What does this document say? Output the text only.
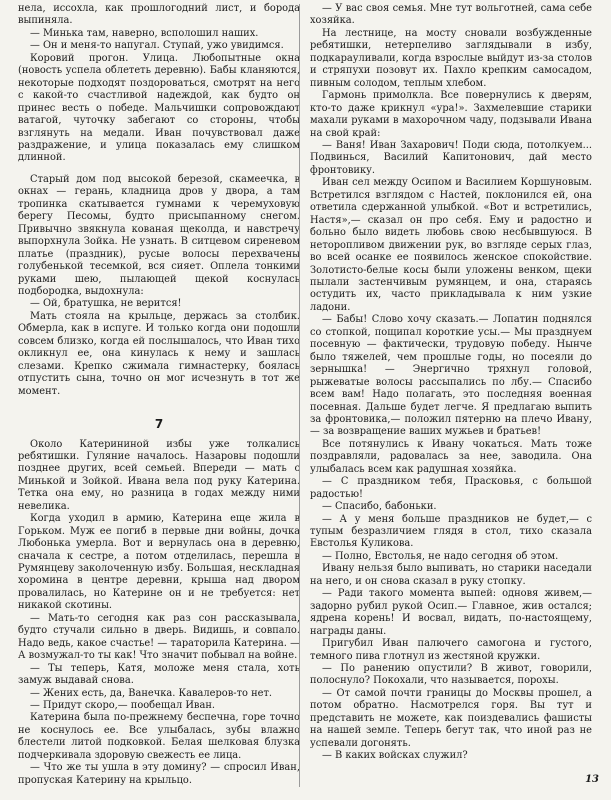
нела, иссохла, как прошлогодний лист, и борода выпиняла.

— Минька там, наверно, всполошил наших.

— Он и меня-то напугал. Ступай, ужо увидимся.

Коровий прогон. Улица. Любопытные окна (новость успела облететь деревню). Бабы кланяются, некоторые подходят поздороваться, смотрят на него с какой-то счастливой надеждой, как будто он принес весть о победе. Мальчишки сопровождают ватагой, чуточку забегают со стороны, чтобы взглянуть на медали. Иван почувствовал даже раздражение, и улица показалась ему слишком длинной.

Старый дом под высокой березой, скамеечка, в окнах — герань, кладница дров у двора, а там тропинка скатывается гумнами к черемуховую берегу Песомы, будто присыпанному снегом. Привычно звякнула кованая щеколда, и навстречу выпорхнула Зойка. Не узнать. В ситцевом сиреневом платье (праздник), русые волосы перехвачены голубенькой тесемкой, вся сияет. Оплела тонкими руками шею, пылающей щекой коснулась подбородка, выдохнула:

— Ой, братушка, не верится!

Мать стояла на крыльце, держась за столбик. Обмерла, как в испуге. И только когда они подошли совсем близко, когда ей послышалось, что Иван тихо окликнул ее, она кинулась к нему и зашлась слезами. Крепко сжимала гимнастерку, боялась отпустить сына, точно он мог исчезнуть в тот же момент.

7

Около Катерининой избы уже толкались ребятишки. Гуляние началось. Назаровы подошли позднее других, всей семьей. Впереди — мать с Минькой и Зойкой. Ивана вела под руку Катерина. Тетка она ему, но разница в годах между ними невелика.

Когда уходил в армию, Катерина еще жила в Горьком. Муж ее погиб в первые дни войны, дочка Любонька умерла. Вот и вернулась она в деревню, сначала к сестре, а потом отделилась, перешла в Румянцеву заколоченную избу. Большая, нескладная хоромина в центре деревни, крыша над двором провалилась, но Катерине он и не требуется: нет никакой скотины.

— Мать-то сегодня как раз сон рассказывала, будто стучали сильно в дверь. Видишь, и совпало. Надо ведь, какое счастье! — тараторила Катерина. — А возмужал-то ты как! Что значит побывал на войне.

— Ты теперь, Катя, моложе меня стала, хоть замуж выдавай снова.

— Жених есть, да, Ванечка. Кавалеров-то нет.

— Придут скоро,— пообещал Иван.

Катерина была по-прежнему беспечна, горе точно не коснулось ее. Все улыбалась, зубы влажно блестели литой подковкой. Белая шелковая блузка подчеркивала здоровую свежесть ее лица.

— Что же ты ушла в эту домину? — спросил Иван, пропуская Катерину на крыльцо.

— У вас своя семья. Мне тут вольготней, сама себе хозяйка.

На лестнице, на мосту сновали возбужденные ребятишки, нетерпеливо заглядывали в избу, подкарауливали, когда взрослые выйдут из-за столов и стряпухи позовут их. Пахло крепким самосадом, пивным солодом, теплым хлебом.

Гармонь примолкла. Все повернулись к дверям, кто-то даже крикнул «ура!». Захмелевшие старики махали руками в махорочном чаду, подзывали Ивана на свой край:

— Ваня! Иван Захарович! Поди сюда, потолкуем... Подвинься, Василий Капитонович, дай место фронтовику.

Иван сел между Осипом и Василием Коршуновым. Встретился взглядом с Настей, поклонился ей, она ответила сдержанной улыбкой. «Вот и встретились, Настя»,— сказал он про себя. Ему и радостно и больно было видеть любовь свою несбывшуюся. В неторопливом движении рук, во взгляде серых глаз, во всей осанке ее появилось женское спокойствие. Золотисто-белые косы были уложены венком, щеки пылали застенчивым румянцем, и она, стараясь остудить их, часто прикладывала к ним узкие ладони.

— Бабы! Слово хочу сказать.— Лопатин поднялся со стопкой, пощипал короткие усы.— Мы празднуем посевную — фактически, трудовую победу. Нынче было тяжелей, чем прошлые годы, но посеяли до зернышка! — Энергично тряхнул головой, рыжеватые волосы рассыпались по лбу.— Спасибо всем вам! Надо полагать, это последняя военная посевная. Дальше будет легче. Я предлагаю выпить за фронтовика,— положил пятерню на плечо Ивану,— за возвращение ваших мужьев и братьев!

Все потянулись к Ивану чокаться. Мать тоже поздравляли, радовалась за нее, заводила. Она улыбалась всем как радушная хозяйка.

— С праздником тебя, Прасковья, с большой радостью!

— Спасибо, бабоньки.

— А у меня больше праздников не будет,— с тупым безразличием глядя в стол, тихо сказала Евстолья Куликова.

— Полно, Евстолья, не надо сегодня об этом.

Ивану нельзя было выпивать, но старики наседали на него, и он снова сказал в руку стопку.

— Ради такого момента выпей: одновя живем,— задорно рубил рукой Осип.— Главное, жив остался; ядрена корень! И восвал, видать, по-настоящему, награды даны.

Пригубил Иван палючего самогона и густого, темного пива глотнул из жестяной кружки.

— По ранению опустили? В живот, говорили, полоснуло? Покохали, что называется, порохы.

— От самой почти границы до Москвы прошел, а потом обратно. Насмотрелся горя. Вы тут и представить не можете, как поиздевались фашисты на нашей земле. Теперь бегут так, что иной раз не успевали догонять.

— В каких войсках служил?

13
